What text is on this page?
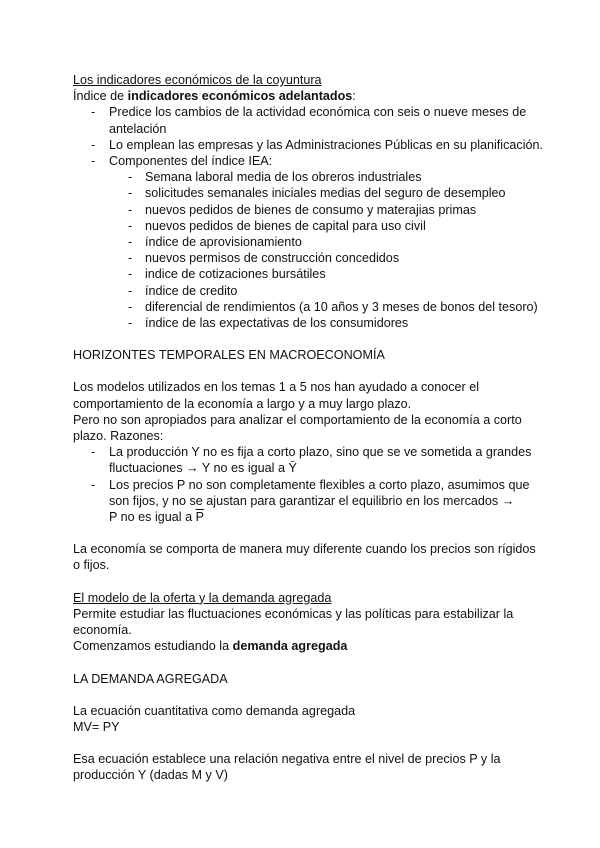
Los indicadores económicos de la coyuntura

Índice de indicadores económicos adelantados:

- Predice los cambios de la actividad económica con seis o nueve meses de antelación
- Lo emplean las empresas y las Administraciones Públicas en su planificación.
- Componentes del índice IEA:
- Semana laboral media de los obreros industriales
- solicitudes semanales iniciales medias del seguro de desempleo
- nuevos pedidos de bienes de consumo y materajias primas
- nuevos pedidos de bienes de capital para uso civil
- índice de aprovisionamiento
- nuevos permisos de construcción concedidos
- indice de cotizaciones bursátiles
- índice de credito
- diferencial de rendimientos (a 10 años y 3 meses de bonos del tesoro)
- índice de las expectativas de los consumidores

HORIZONTES TEMPORALES EN MACROECONOMÍA

Los modelos utilizados en los temas 1 a 5 nos han ayudado a conocer el comportamiento de la economía a largo y a muy largo plazo.

Pero no son apropiados para analizar el comportamiento de la economía a corto plazo. Razones:

- La producción Y no es fija a corto plazo, sino que se ve sometida a grandes fluctuaciones → Y no es igual a Ȳ
- Los precios P no son completamente flexibles a corto plazo, asumimos que son fijos, y no se ajustan para garantizar el equilibrio en los mercados →
P no es igual a $\overline{P}$

La economía se comporta de manera muy diferente cuando los precios son rígidos o fijos.

El modelo de la oferta y la demanda agregada

Permite estudiar las fluctuaciones económicas y las políticas para estabilizar la economía.

Comenzamos estudiando la demanda agregada

LA DEMANDA AGREGADA

La ecuación cuantitativa como demanda agregada

MV= PY

Esa ecuación establece una relación negativa entre el nivel de precios P y la producción Y (dadas M y V)
